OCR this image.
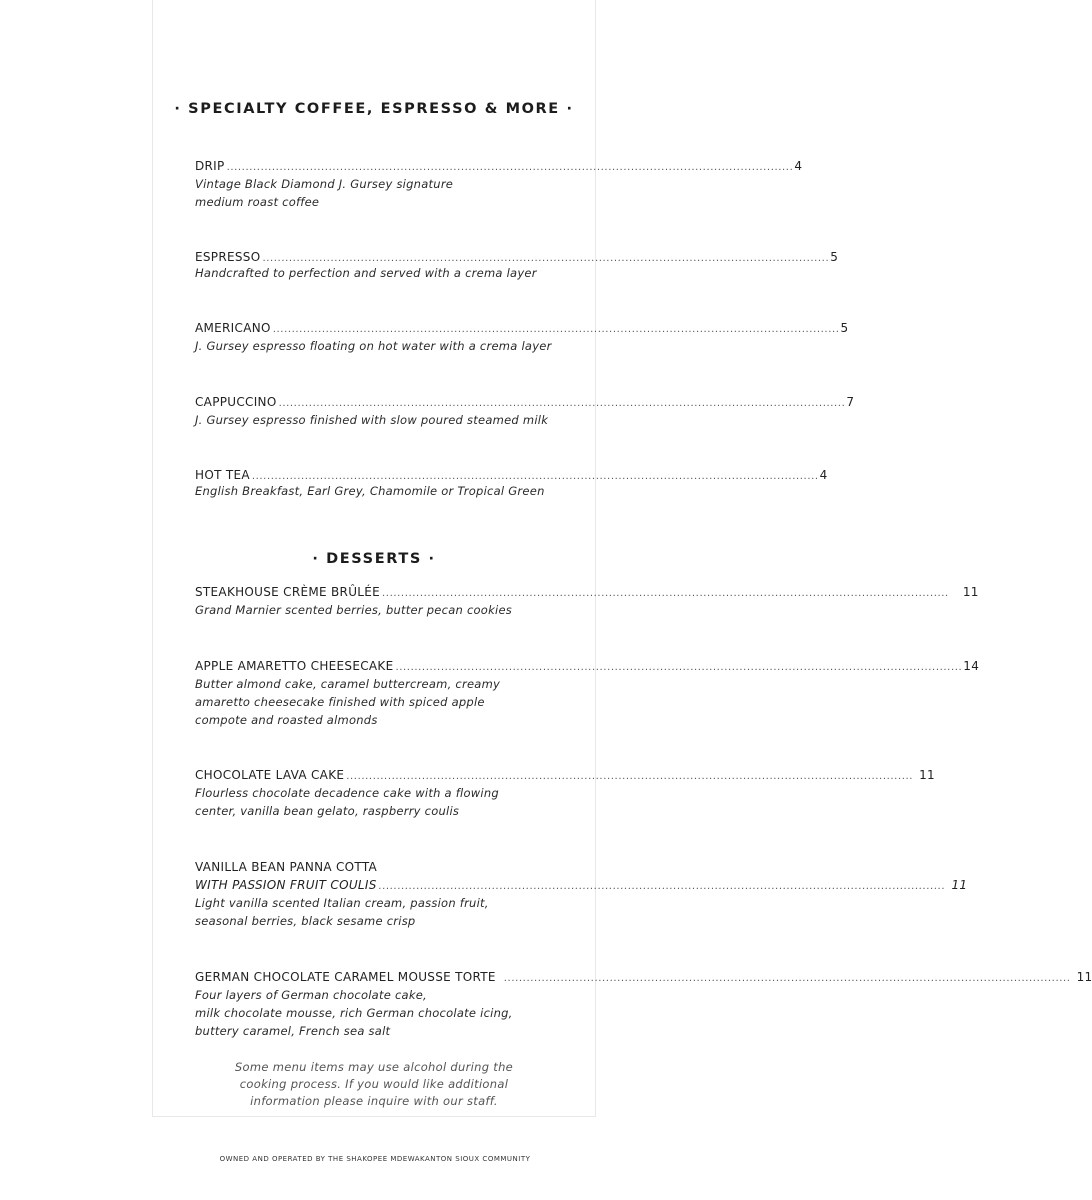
· SPECIALTY COFFEE, ESPRESSO & MORE ·
DRIP ...................................................................................................................................................... 4
Vintage Black Diamond J. Gursey signature
medium roast coffee
ESPRESSO ...................................................................................................................................................... 5
Handcrafted to perfection and served with a crema layer
AMERICANO ...................................................................................................................................................... 5
J. Gursey espresso floating on hot water with a crema layer
CAPPUCCINO ...................................................................................................................................................... 7
J. Gursey espresso finished with slow poured steamed milk
HOT TEA ...................................................................................................................................................... 4
English Breakfast, Earl Grey, Chamomile or Tropical Green
· DESSERTS ·
STEAKHOUSE CRÈME BRÛLÉE ...................................................................................................................................................... 11
Grand Marnier scented berries, butter pecan cookies
APPLE AMARETTO CHEESECAKE ...................................................................................................................................................... 14
Butter almond cake, caramel buttercream, creamy
amaretto cheesecake finished with spiced apple
compote and roasted almonds
CHOCOLATE LAVA CAKE ...................................................................................................................................................... 11
Flourless chocolate decadence cake with a flowing
center, vanilla bean gelato, raspberry coulis
VANILLA BEAN PANNA COTTA
WITH PASSION FRUIT COULIS ...................................................................................................................................................... 11
Light vanilla scented Italian cream, passion fruit,
seasonal berries, black sesame crisp
GERMAN CHOCOLATE CARAMEL MOUSSE TORTE ...................................................................................................................................................... 11
Four layers of German chocolate cake,
milk chocolate mousse, rich German chocolate icing,
buttery caramel, French sea salt
Some menu items may use alcohol during the
cooking process. If you would like additional
information please inquire with our staff.
OWNED AND OPERATED BY THE SHAKOPEE MDEWAKANTON SIOUX COMMUNITY
